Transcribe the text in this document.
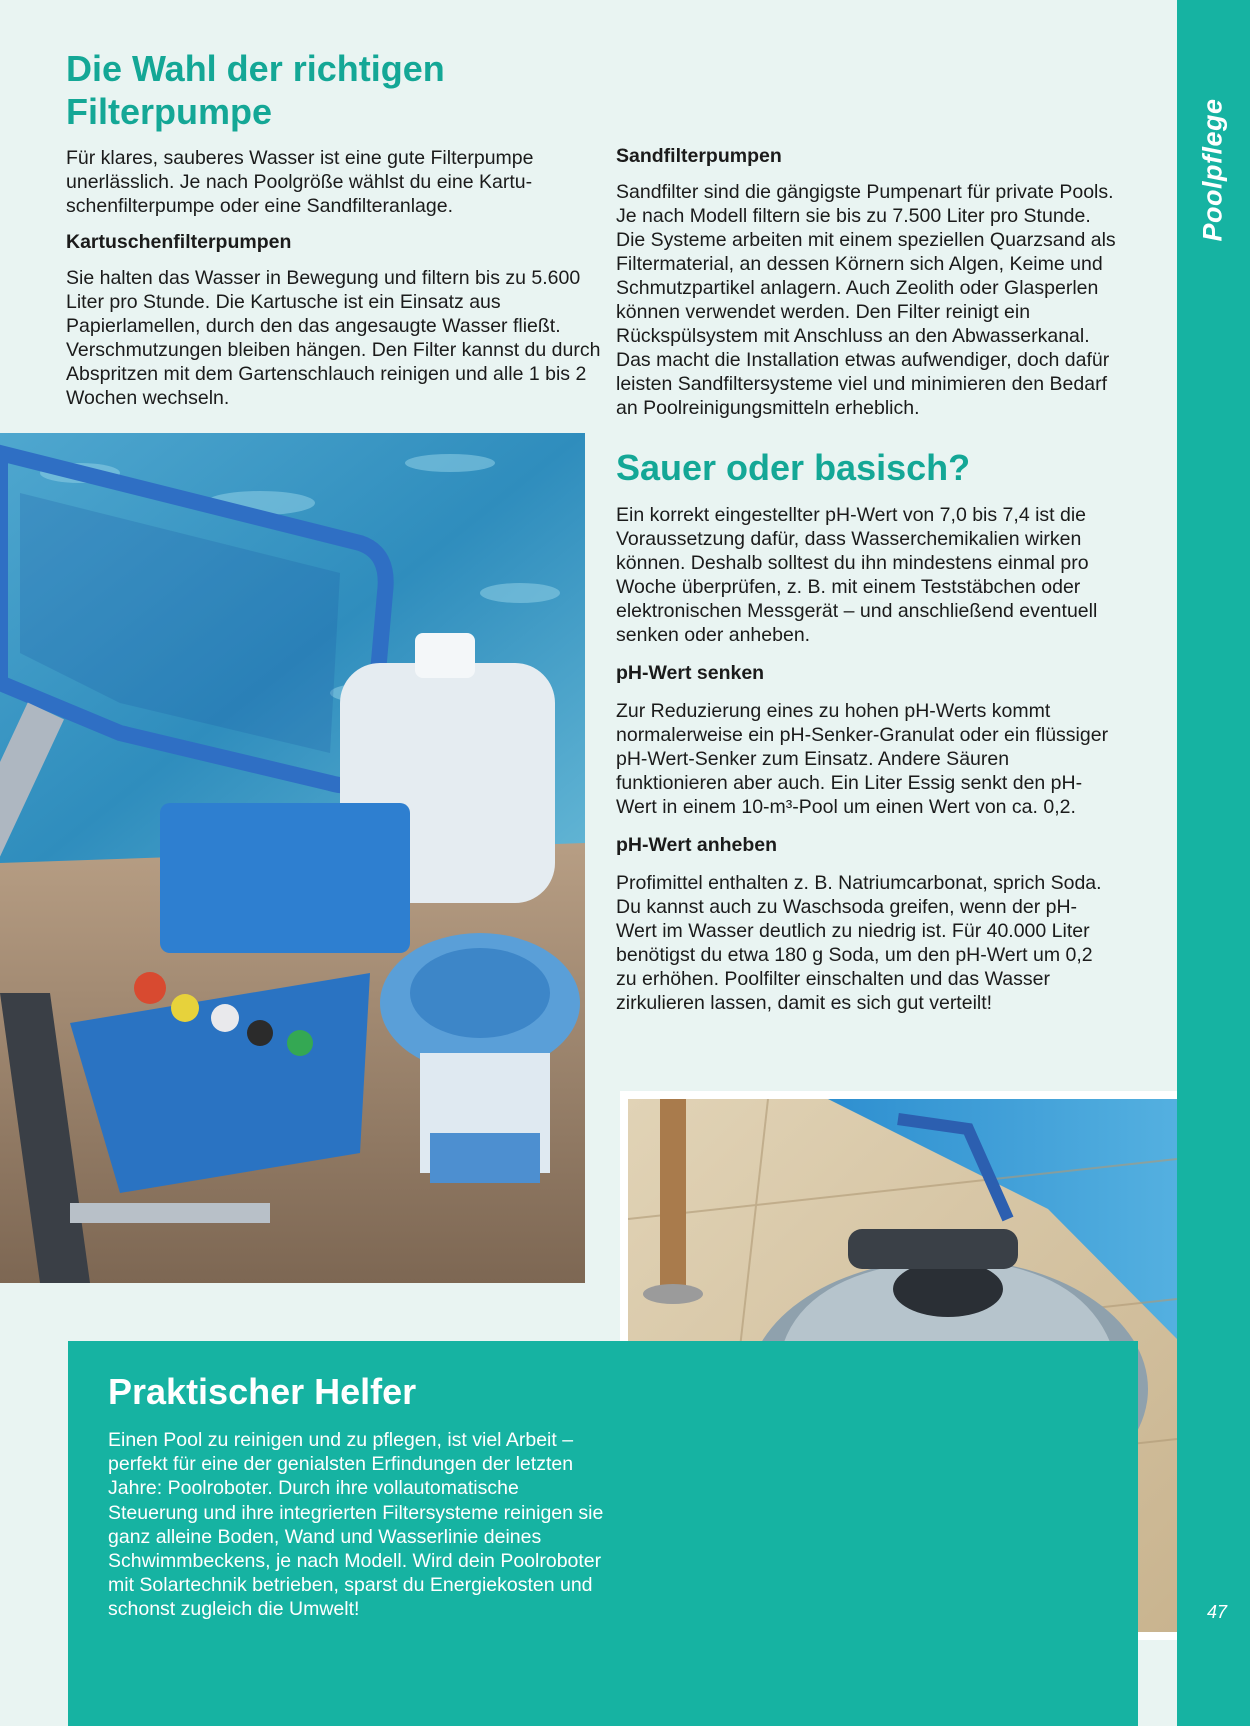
Poolpflege
47
Die Wahl der richtigen Filterpumpe

Für klares, sauberes Wasser ist eine gute Filterpumpe unerlässlich. Je nach Poolgröße wählst du eine Kartuschenfilterpumpe oder eine Sandfilteranlage.

Kartuschenfilterpumpen

Sie halten das Wasser in Bewegung und filtern bis zu 5.600 Liter pro Stunde. Die Kartusche ist ein Einsatz aus Papierlamellen, durch den das angesaugte Wasser fließt. Verschmutzungen bleiben hängen. Den Filter kannst du durch Abspritzen mit dem Gartenschlauch reinigen und alle 1 bis 2 Wochen wechseln.

Sandfilterpumpen

Sandfilter sind die gängigste Pumpenart für private Pools. Je nach Modell filtern sie bis zu 7.500 Liter pro Stunde. Die Systeme arbeiten mit einem speziellen Quarzsand als Filtermaterial, an dessen Körnern sich Algen, Keime und Schmutzpartikel anlagern. Auch Zeolith oder Glasperlen können verwendet werden. Den Filter reinigt ein Rückspülsystem mit Anschluss an den Abwasserkanal. Das macht die Installation etwas aufwendiger, doch dafür leisten Sandfiltersysteme viel und minimieren den Bedarf an Poolreinigungsmitteln erheblich.

Sauer oder basisch?

Ein korrekt eingestellter pH-Wert von 7,0 bis 7,4 ist die Voraussetzung dafür, dass Wasserchemikalien wirken können. Deshalb solltest du ihn mindestens einmal pro Woche überprüfen, z. B. mit einem Teststäbchen oder elektronischen Messgerät – und anschließend eventuell senken oder anheben.

pH-Wert senken

Zur Reduzierung eines zu hohen pH-Werts kommt normalerweise ein pH-Senker-Granulat oder ein flüssiger pH-Wert-Senker zum Einsatz. Andere Säuren funktionieren aber auch. Ein Liter Essig senkt den pH-Wert in einem 10-m³-Pool um einen Wert von ca. 0,2.

pH-Wert anheben

Profimittel enthalten z. B. Natriumcarbonat, sprich Soda. Du kannst auch zu Waschsoda greifen, wenn der pH-Wert im Wasser deutlich zu niedrig ist. Für 40.000 Liter benötigst du etwa 180 g Soda, um den pH-Wert um 0,2 zu erhöhen. Poolfilter einschalten und das Wasser zirkulieren lassen, damit es sich gut verteilt!

Praktischer Helfer

Einen Pool zu reinigen und zu pflegen, ist viel Arbeit – perfekt für eine der genialsten Erfindungen der letzten Jahre: Poolroboter. Durch ihre vollautomatische Steuerung und ihre integrierten Filtersysteme reinigen sie ganz alleine Boden, Wand und Wasserlinie deines Schwimmbeckens, je nach Modell. Wird dein Poolroboter mit Solartechnik betrieben, sparst du Energiekosten und schonst zugleich die Umwelt!
